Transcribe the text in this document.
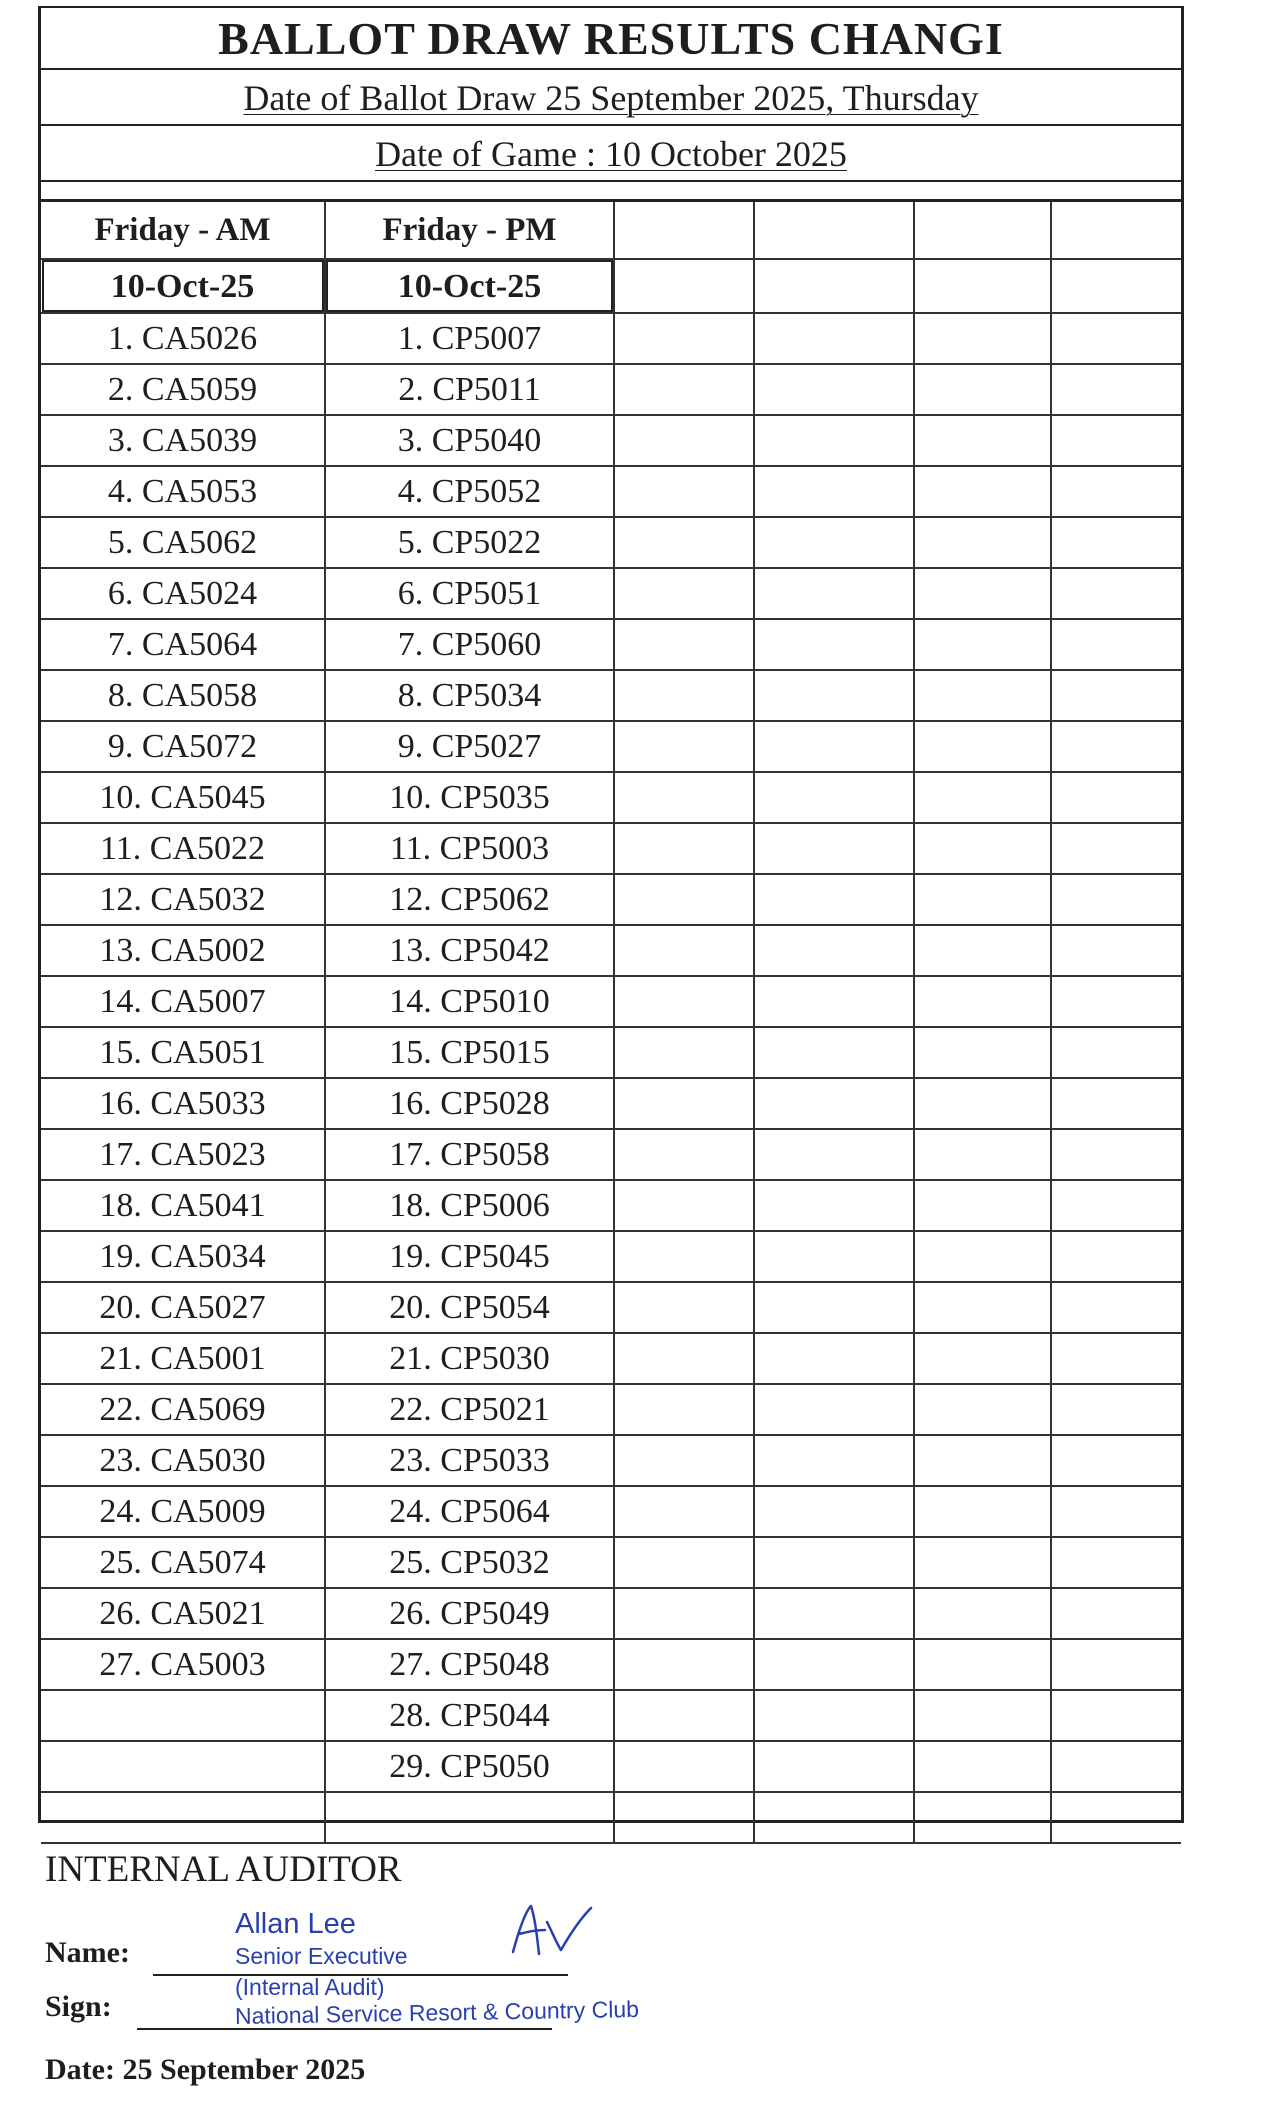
BALLOT DRAW RESULTS CHANGI
Date of Ballot Draw 25 September 2025, Thursday
Date of Game : 10 October 2025
Friday - AM	Friday - PM				
10-Oct-25	10-Oct-25				
1. CA5026	1. CP5007				
2. CA5059	2. CP5011				
3. CA5039	3. CP5040				
4. CA5053	4. CP5052				
5. CA5062	5. CP5022				
6. CA5024	6. CP5051				
7. CA5064	7. CP5060				
8. CA5058	8. CP5034				
9. CA5072	9. CP5027				
10. CA5045	10. CP5035				
11. CA5022	11. CP5003				
12. CA5032	12. CP5062				
13. CA5002	13. CP5042				
14. CA5007	14. CP5010				
15. CA5051	15. CP5015				
16. CA5033	16. CP5028				
17. CA5023	17. CP5058				
18. CA5041	18. CP5006				
19. CA5034	19. CP5045				
20. CA5027	20. CP5054				
21. CA5001	21. CP5030				
22. CA5069	22. CP5021				
23. CA5030	23. CP5033				
24. CA5009	24. CP5064				
25. CA5074	25. CP5032				
26. CA5021	26. CP5049				
27. CA5003	27. CP5048				
	28. CP5044				
	29. CP5050				

INTERNAL AUDITOR
Name:
Sign:
Date: 25 September 2025
Allan Lee
Senior Executive
(Internal Audit)
National Service Resort & Country Club
